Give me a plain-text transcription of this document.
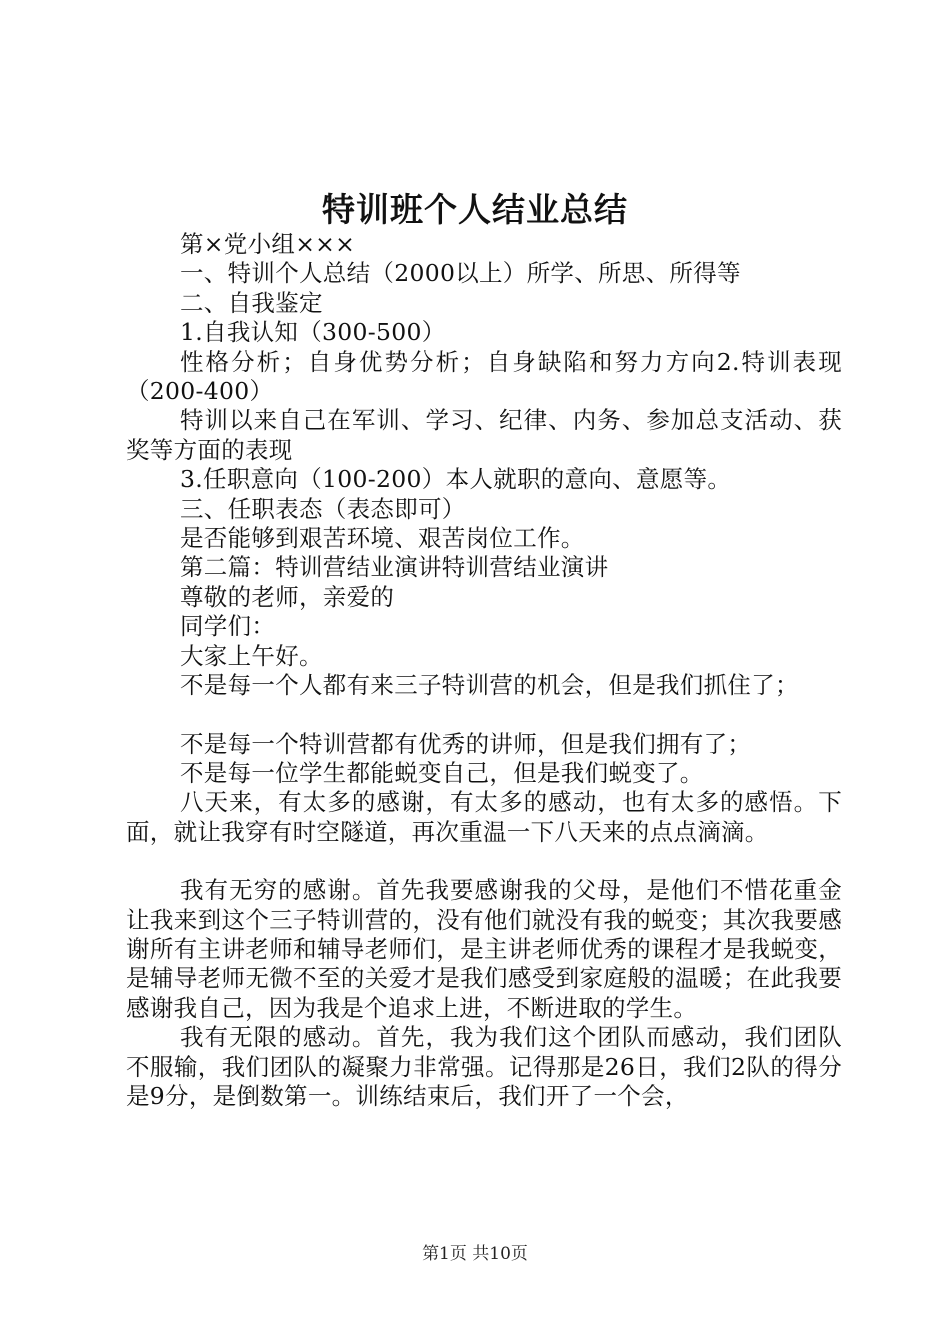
特训班个人结业总结

第×党小组×××

一、特训个人总结（2000以上）所学、所思、所得等

二、自我鉴定

1.自我认知（300-500）

性格分析；自身优势分析；自身缺陷和努力方向2.特训表现（200-400）

特训以来自己在军训、学习、纪律、内务、参加总支活动、获奖等方面的表现

3.任职意向（100-200）本人就职的意向、意愿等。

三、任职表态（表态即可）

是否能够到艰苦环境、艰苦岗位工作。

第二篇：特训营结业演讲特训营结业演讲

尊敬的老师，亲爱的

同学们：

大家上午好。

不是每一个人都有来三子特训营的机会，但是我们抓住了；

不是每一个特训营都有优秀的讲师，但是我们拥有了；

不是每一位学生都能蜕变自己，但是我们蜕变了。

八天来，有太多的感谢，有太多的感动，也有太多的感悟。下面，就让我穿有时空隧道，再次重温一下八天来的点点滴滴。

我有无穷的感谢。首先我要感谢我的父母，是他们不惜花重金让我来到这个三子特训营的，没有他们就没有我的蜕变；其次我要感谢所有主讲老师和辅导老师们，是主讲老师优秀的课程才是我蜕变，是辅导老师无微不至的关爱才是我们感受到家庭般的温暖；在此我要感谢我自己，因为我是个追求上进，不断进取的学生。

我有无限的感动。首先，我为我们这个团队而感动，我们团队不服输，我们团队的凝聚力非常强。记得那是26日，我们2队的得分是9分，是倒数第一。训练结束后，我们开了一个会，

第1页 共10页
